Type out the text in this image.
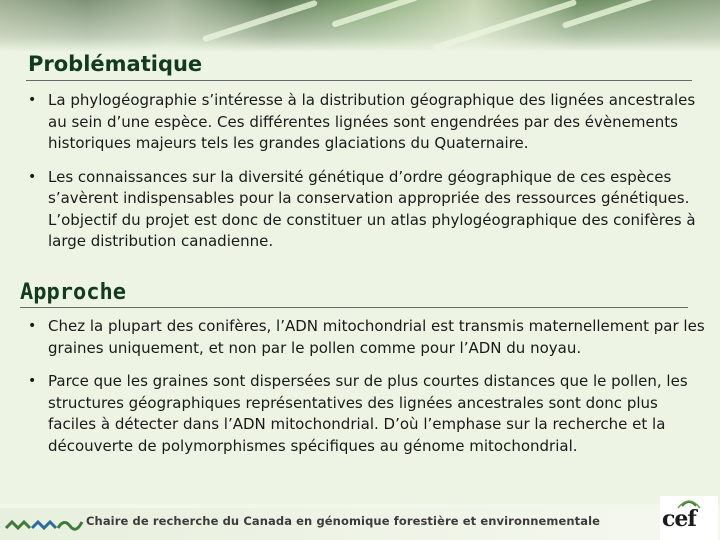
Problématique
• La phylogéographie s’intéresse à la distribution géographique des lignées ancestrales au sein d’une espèce. Ces différentes lignées sont engendrées par des évènements historiques majeurs tels les grandes glaciations du Quaternaire.
• Les connaissances sur la diversité génétique d’ordre géographique de ces espèces s’avèrent indispensables pour la conservation appropriée des ressources génétiques. L’objectif du projet est donc de constituer un atlas phylogéographique des conifères à large distribution canadienne.
Approche
• Chez la plupart des conifères, l’ADN mitochondrial est transmis maternellement par les graines uniquement, et non par le pollen comme pour l’ADN du noyau.
• Parce que les graines sont dispersées sur de plus courtes distances que le pollen, les structures géographiques représentatives des lignées ancestrales sont donc plus faciles à détecter dans l’ADN mitochondrial. D’où l’emphase sur la recherche et la découverte de polymorphismes spécifiques au génome mitochondrial.
Chaire de recherche du Canada en génomique forestière et environnementale	cef
